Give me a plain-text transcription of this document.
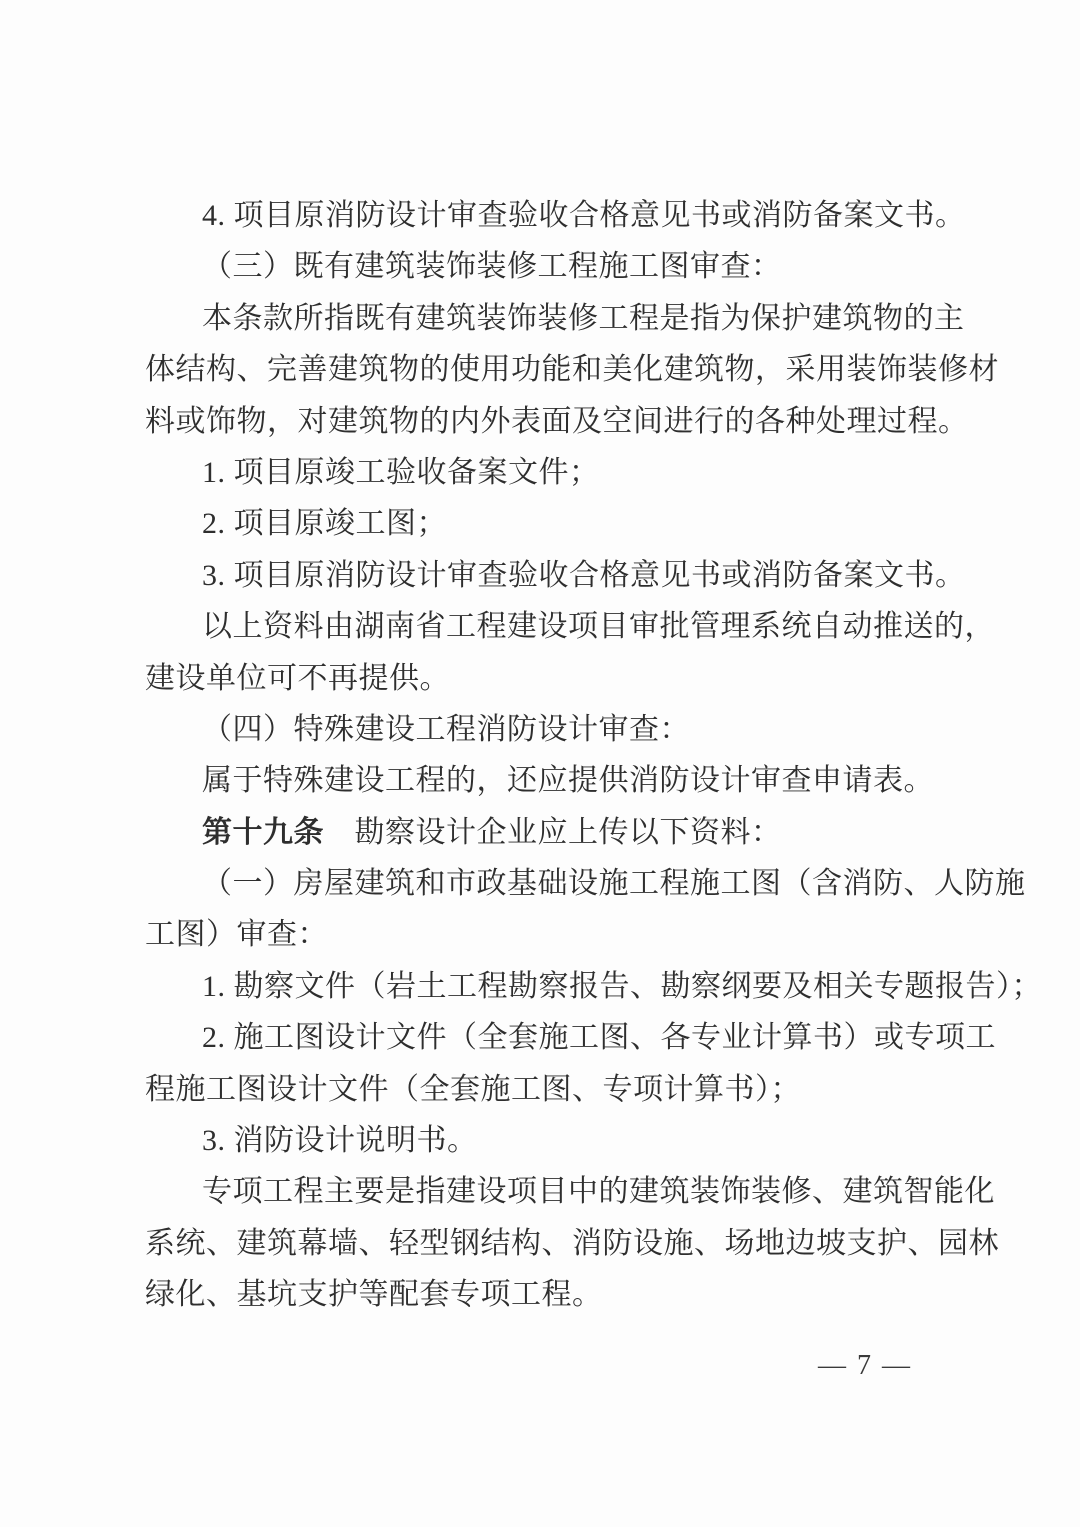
4. 项目原消防设计审查验收合格意见书或消防备案文书。
（三）既有建筑装饰装修工程施工图审查：
本条款所指既有建筑装饰装修工程是指为保护建筑物的主
体结构、完善建筑物的使用功能和美化建筑物，采用装饰装修材
料或饰物，对建筑物的内外表面及空间进行的各种处理过程。
1. 项目原竣工验收备案文件；
2. 项目原竣工图；
3. 项目原消防设计审查验收合格意见书或消防备案文书。
以上资料由湖南省工程建设项目审批管理系统自动推送的，
建设单位可不再提供。
（四）特殊建设工程消防设计审查：
属于特殊建设工程的，还应提供消防设计审查申请表。
第十九条　勘察设计企业应上传以下资料：
（一）房屋建筑和市政基础设施工程施工图（含消防、人防施
工图）审查：
1. 勘察文件（岩土工程勘察报告、勘察纲要及相关专题报告）；
2. 施工图设计文件（全套施工图、各专业计算书）或专项工
程施工图设计文件（全套施工图、专项计算书）；
3. 消防设计说明书。
专项工程主要是指建设项目中的建筑装饰装修、建筑智能化
系统、建筑幕墙、轻型钢结构、消防设施、场地边坡支护、园林
绿化、基坑支护等配套专项工程。
— 7 —
